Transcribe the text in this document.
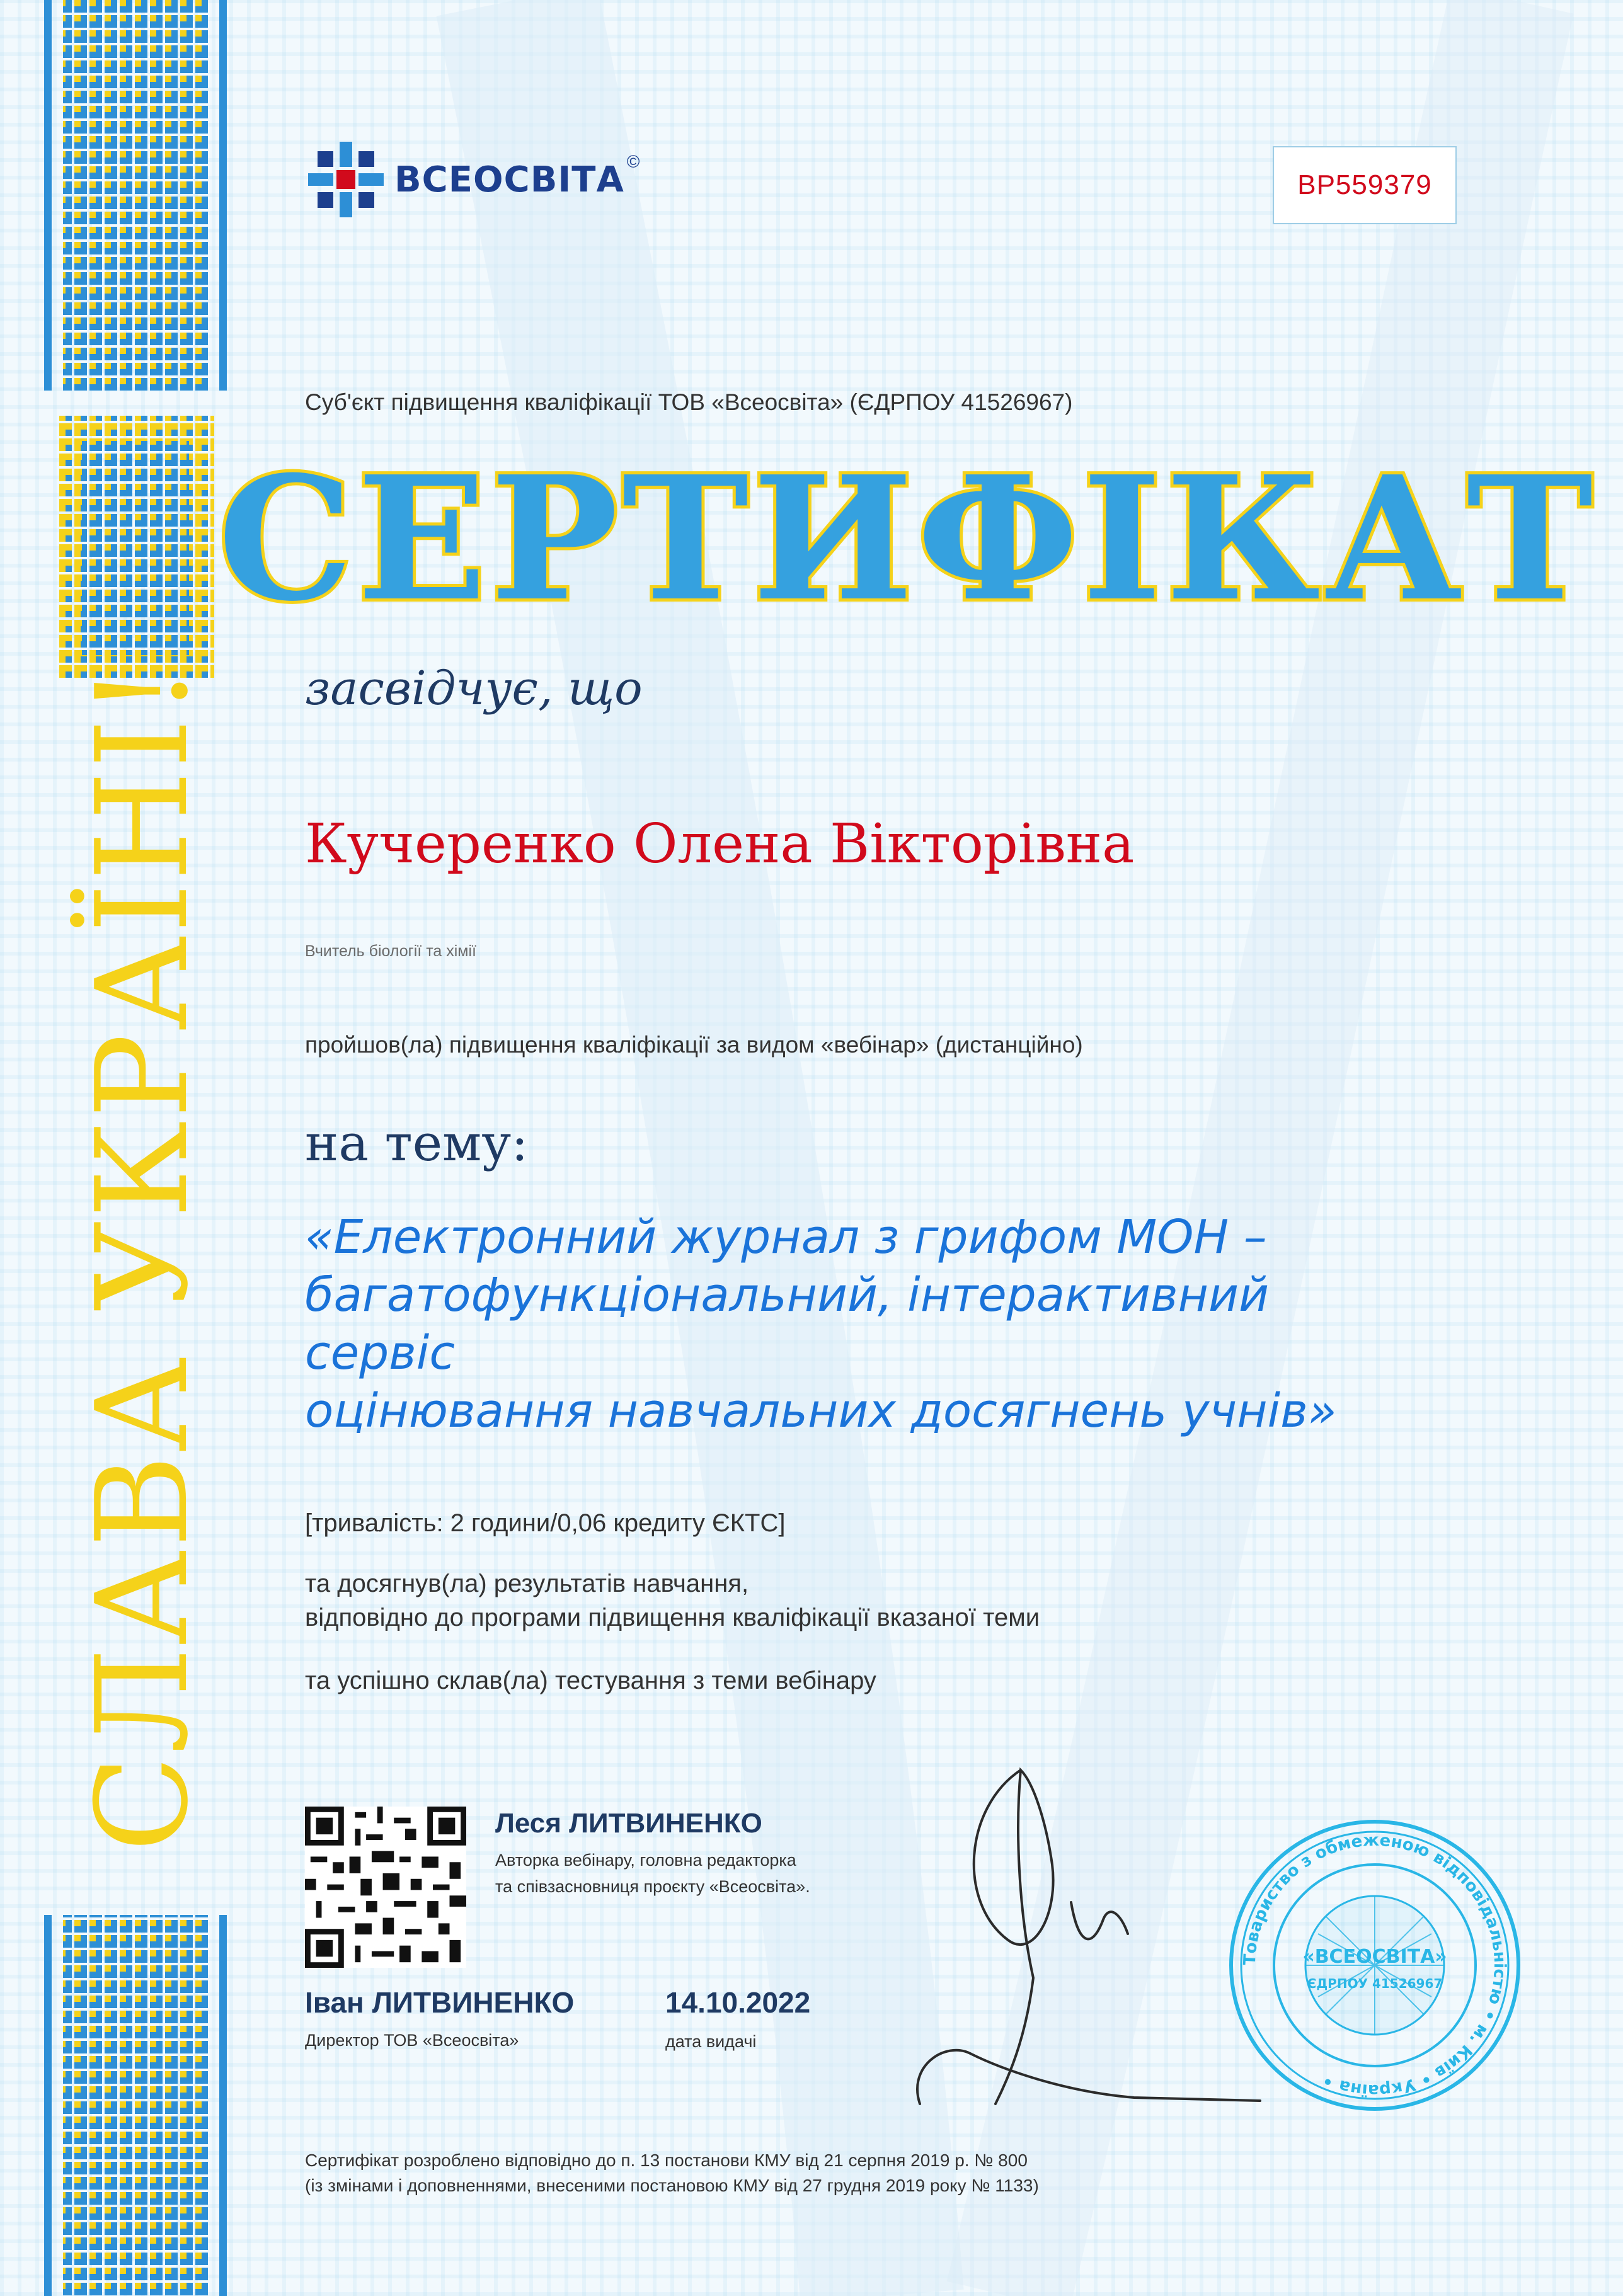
СЛАВА УКРАЇНІ!
ВСЕОСВІТА ©
ВР559379
Суб'єкт підвищення кваліфікації ТОВ «Всеосвіта» (ЄДРПОУ 41526967)
СЕРТИФІКАТ
засвідчує, що
Кучеренко Олена Вікторівна
Вчитель біології та хімії
пройшов(ла) підвищення кваліфікації за видом «вебінар» (дистанційно)
на тему:
«Електронний журнал з грифом МОН –
багатофункціональний, інтерактивний сервіс
оцінювання навчальних досягнень учнів»
[тривалість: 2 години/0,06 кредиту ЄКТС]
та досягнув(ла) результатів навчання,
відповідно до програми підвищення кваліфікації вказаної теми
та успішно склав(ла) тестування з теми вебінару
Леся ЛИТВИНЕНКО
Авторка вебінару, головна редакторка
та співзасновниця проєкту «Всеосвіта».
Іван ЛИТВИНЕНКО
Директор ТОВ «Всеосвіта»
14.10.2022
дата видачі
Сертифікат розроблено відповідно до п. 13 постанови КМУ від 21 серпня 2019 р. № 800
(із змінами і доповненнями, внесеними постановою КМУ від 27 грудня 2019 року № 1133)
Товариство з обмеженою відповідальністю • м. Київ • Україна •
«ВСЕОСВІТА»
ЄДРПОУ 41526967
